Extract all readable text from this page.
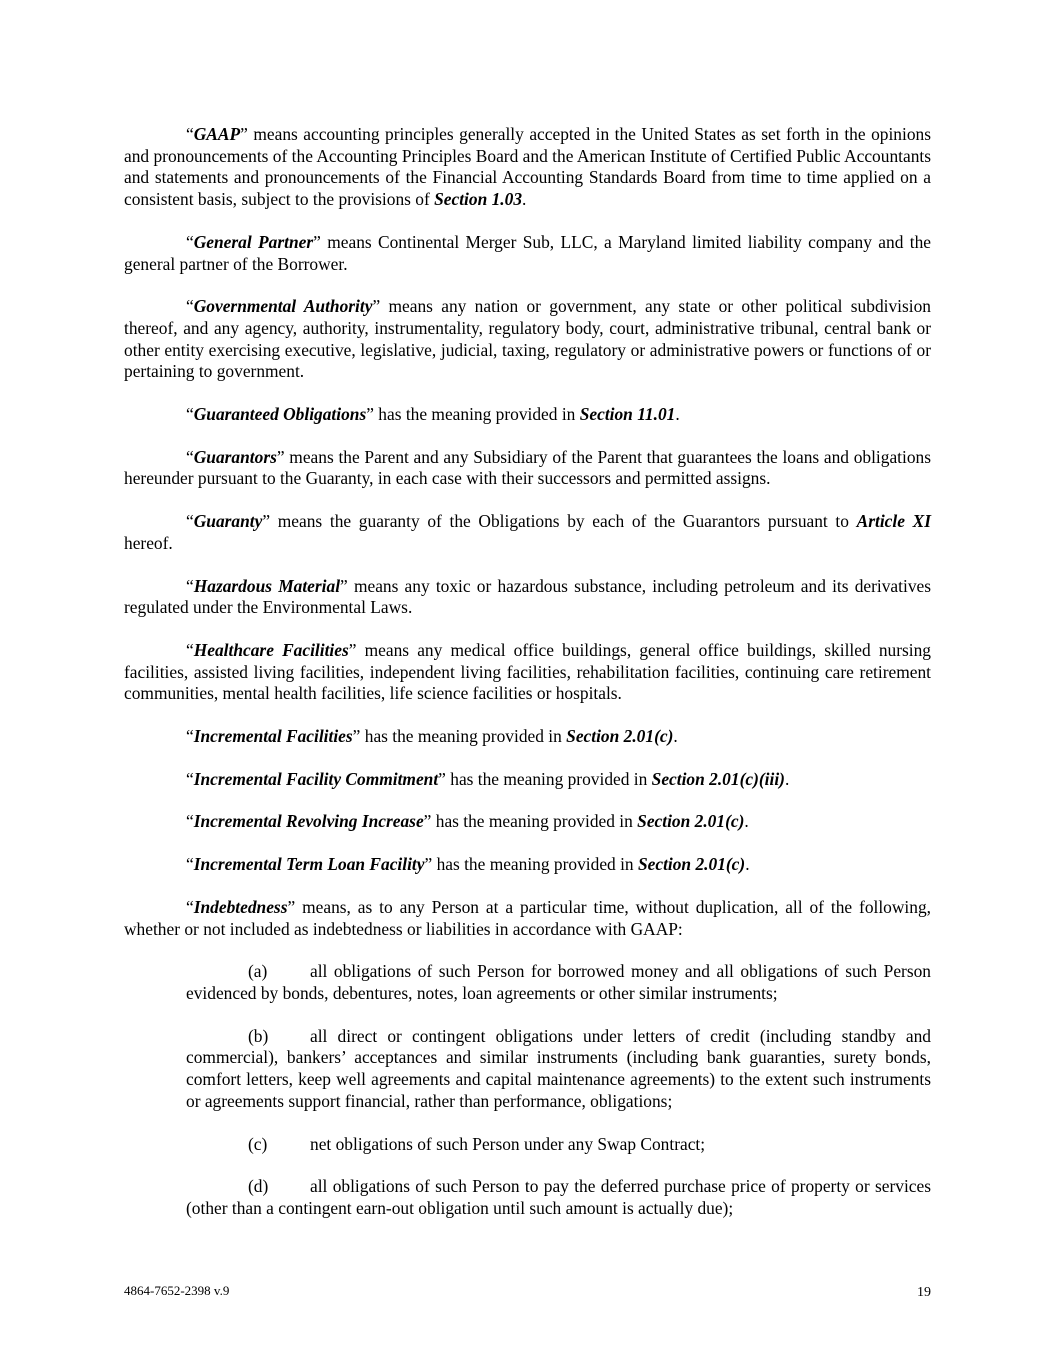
“GAAP” means accounting principles generally accepted in the United States as set forth in the opinions and pronouncements of the Accounting Principles Board and the American Institute of Certified Public Accountants and statements and pronouncements of the Financial Accounting Standards Board from time to time applied on a consistent basis, subject to the provisions of Section 1.03.

“General Partner” means Continental Merger Sub, LLC, a Maryland limited liability company and the general partner of the Borrower.

“Governmental Authority” means any nation or government, any state or other political subdivision thereof, and any agency, authority, instrumentality, regulatory body, court, administrative tribunal, central bank or other entity exercising executive, legislative, judicial, taxing, regulatory or administrative powers or functions of or pertaining to government.

“Guaranteed Obligations” has the meaning provided in Section 11.01.

“Guarantors” means the Parent and any Subsidiary of the Parent that guarantees the loans and obligations hereunder pursuant to the Guaranty, in each case with their successors and permitted assigns.

“Guaranty” means the guaranty of the Obligations by each of the Guarantors pursuant to Article XI hereof.

“Hazardous Material” means any toxic or hazardous substance, including petroleum and its derivatives regulated under the Environmental Laws.

“Healthcare Facilities” means any medical office buildings, general office buildings, skilled nursing facilities, assisted living facilities, independent living facilities, rehabilitation facilities, continuing care retirement communities, mental health facilities, life science facilities or hospitals.

“Incremental Facilities” has the meaning provided in Section 2.01(c).

“Incremental Facility Commitment” has the meaning provided in Section 2.01(c)(iii).

“Incremental Revolving Increase” has the meaning provided in Section 2.01(c).

“Incremental Term Loan Facility” has the meaning provided in Section 2.01(c).

“Indebtedness” means, as to any Person at a particular time, without duplication, all of the following, whether or not included as indebtedness or liabilities in accordance with GAAP:

(a) all obligations of such Person for borrowed money and all obligations of such Person evidenced by bonds, debentures, notes, loan agreements or other similar instruments;

(b) all direct or contingent obligations under letters of credit (including standby and commercial), bankers’ acceptances and similar instruments (including bank guaranties, surety bonds, comfort letters, keep well agreements and capital maintenance agreements) to the extent such instruments or agreements support financial, rather than performance, obligations;

(c) net obligations of such Person under any Swap Contract;

(d) all obligations of such Person to pay the deferred purchase price of property or services (other than a contingent earn-out obligation until such amount is actually due);

4864-7652-2398 v.9	19
